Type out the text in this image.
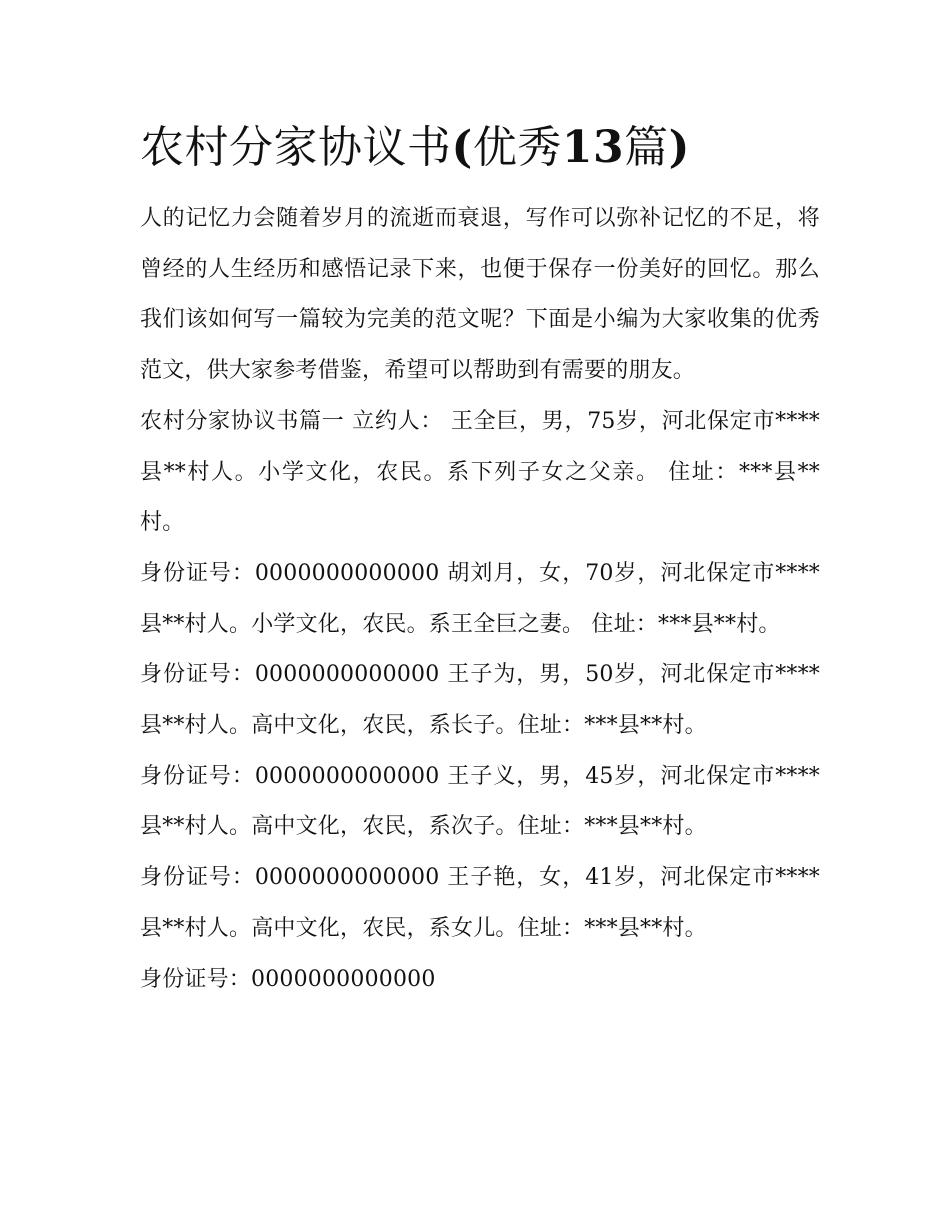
农村分家协议书(优秀13篇)

人的记忆力会随着岁月的流逝而衰退，写作可以弥补记忆的不足，将曾经的人生经历和感悟记录下来，也便于保存一份美好的回忆。那么我们该如何写一篇较为完美的范文呢？下面是小编为大家收集的优秀范文，供大家参考借鉴，希望可以帮助到有需要的朋友。

农村分家协议书篇一 立约人： 王全巨，男，75岁，河北保定市****县**村人。小学文化，农民。系下列子女之父亲。 住址：***县**村。

身份证号：0000000000000 胡刘月，女，70岁，河北保定市****县**村人。小学文化，农民。系王全巨之妻。 住址：***县**村。

身份证号：0000000000000 王子为，男，50岁，河北保定市****县**村人。高中文化，农民，系长子。住址：***县**村。

身份证号：0000000000000 王子义，男，45岁，河北保定市****县**村人。高中文化，农民，系次子。住址：***县**村。

身份证号：0000000000000 王子艳，女，41岁，河北保定市****县**村人。高中文化，农民，系女儿。住址：***县**村。

身份证号：0000000000000
